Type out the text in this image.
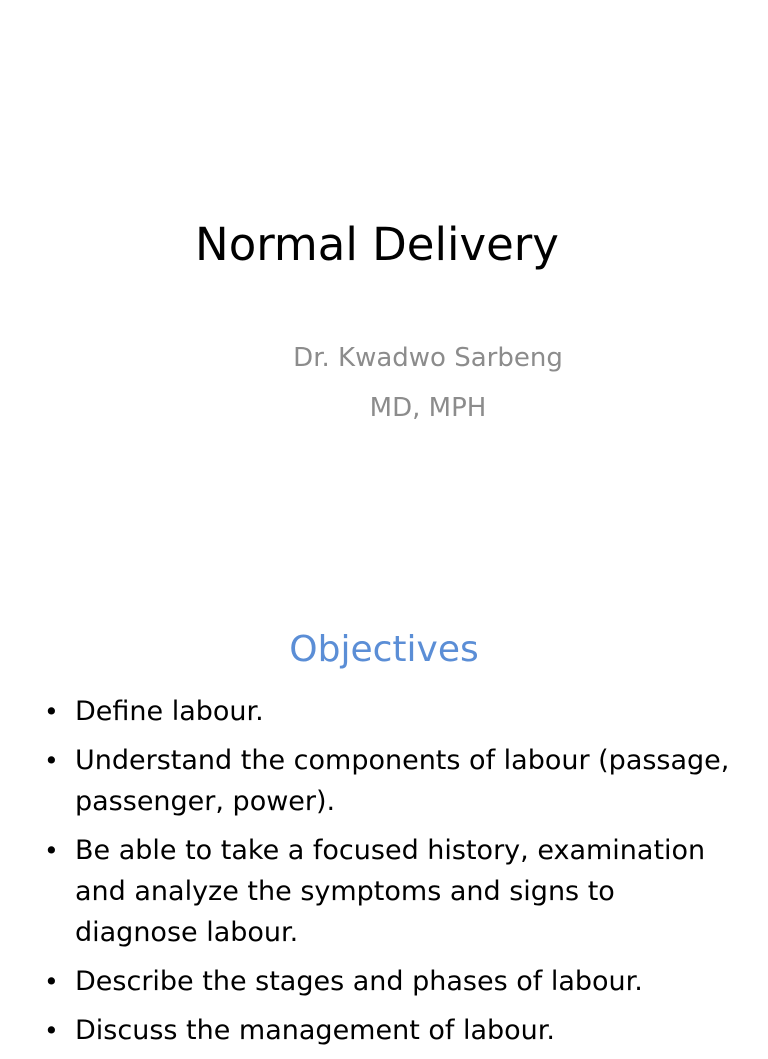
Normal Delivery
Dr. Kwadwo Sarbeng
MD, MPH
Objectives
• Define labour.
• Understand the components of labour (passage, passenger, power).
• Be able to take a focused history, examination and analyze the symptoms and signs to diagnose labour.
• Describe the stages and phases of labour.
• Discuss the management of labour.
